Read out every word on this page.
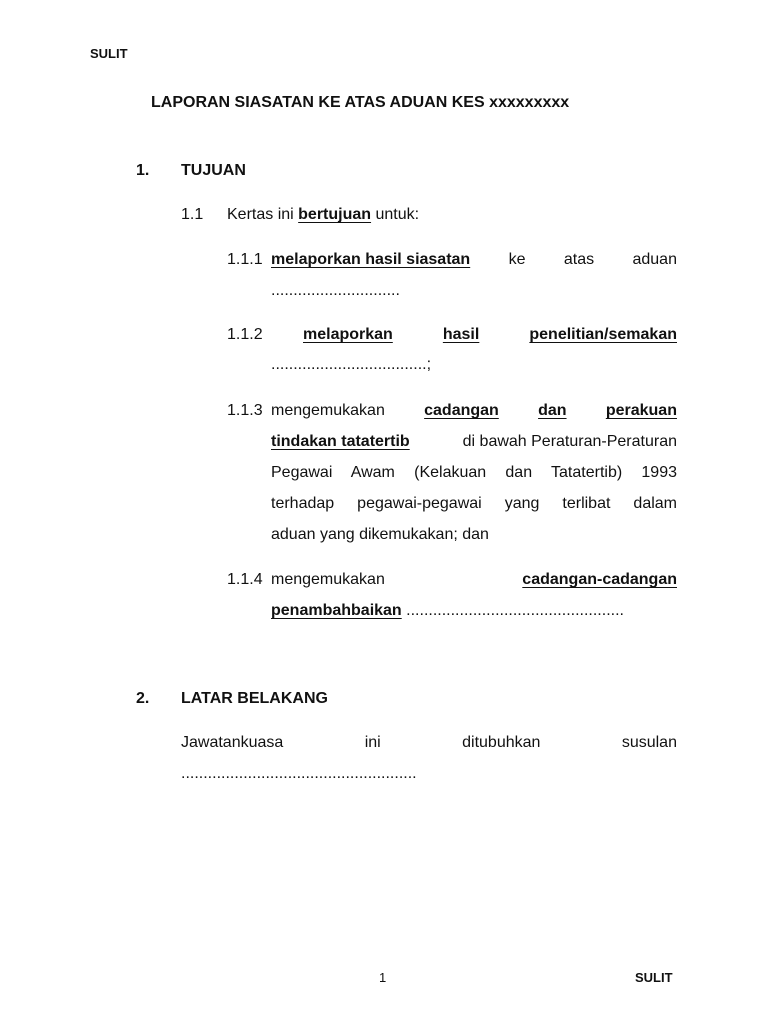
SULIT
LAPORAN SIASATAN KE ATAS ADUAN KES xxxxxxxxx
1. TUJUAN
1.1 Kertas ini bertujuan untuk:
1.1.1 melaporkan hasil siasatan ke atas aduan
.............................
1.1.2	melaporkan	hasil	penelitian/semakan
...................................;
1.1.3 mengemukakan cadangan dan perakuan
tindakan tatatertib	di bawah Peraturan-Peraturan
Pegawai Awam (Kelakuan dan Tatatertib) 1993
terhadap pegawai-pegawai yang terlibat dalam
aduan yang dikemukakan; dan
1.1.4 mengemukakan	cadangan-cadangan
penambahbaikan .................................................
2. LATAR BELAKANG
Jawatankuasa	ini	ditubuhkan	susulan
.....................................................
1	SULIT
